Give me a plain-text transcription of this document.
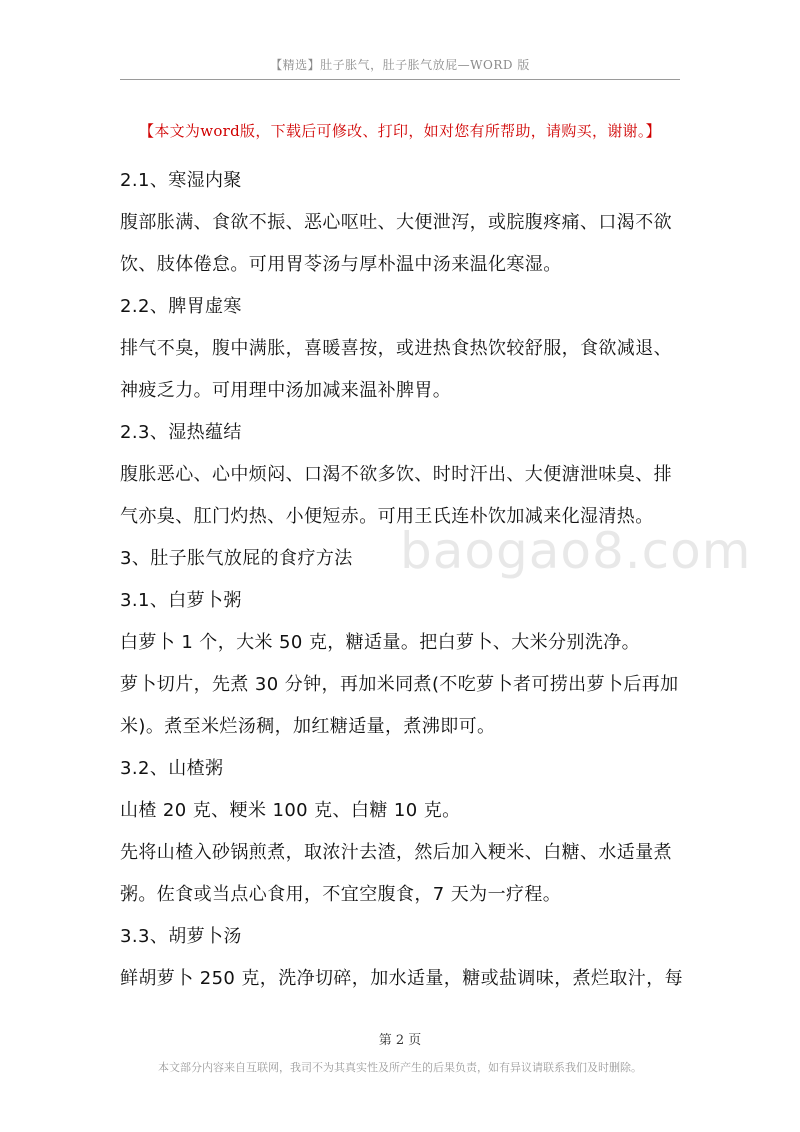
【精选】肚子胀气，肚子胀气放屁—WORD 版
【本文为word版，下载后可修改、打印，如对您有所帮助，请购买，谢谢。】
baogao8.com
2.1、寒湿内聚
腹部胀满、食欲不振、恶心呕吐、大便泄泻，或脘腹疼痛、口渴不欲
饮、肢体倦怠。可用胃苓汤与厚朴温中汤来温化寒湿。
2.2、脾胃虚寒
排气不臭，腹中满胀，喜暖喜按，或进热食热饮较舒服，食欲减退、
神疲乏力。可用理中汤加减来温补脾胃。
2.3、湿热蕴结
腹胀恶心、心中烦闷、口渴不欲多饮、时时汗出、大便溏泄味臭、排
气亦臭、肛门灼热、小便短赤。可用王氏连朴饮加减来化湿清热。
3、肚子胀气放屁的食疗方法
3.1、白萝卜粥
白萝卜 1 个，大米 50 克，糖适量。把白萝卜、大米分别洗净。
萝卜切片，先煮 30 分钟，再加米同煮(不吃萝卜者可捞出萝卜后再加
米)。煮至米烂汤稠，加红糖适量，煮沸即可。
3.2、山楂粥
山楂 20 克、粳米 100 克、白糖 10 克。
先将山楂入砂锅煎煮，取浓汁去渣，然后加入粳米、白糖、水适量煮
粥。佐食或当点心食用，不宜空腹食，7 天为一疗程。
3.3、胡萝卜汤
鲜胡萝卜 250 克，洗净切碎，加水适量，糖或盐调味，煮烂取汁，每
第 2 页
本文部分内容来自互联网，我司不为其真实性及所产生的后果负责，如有异议请联系我们及时删除。
